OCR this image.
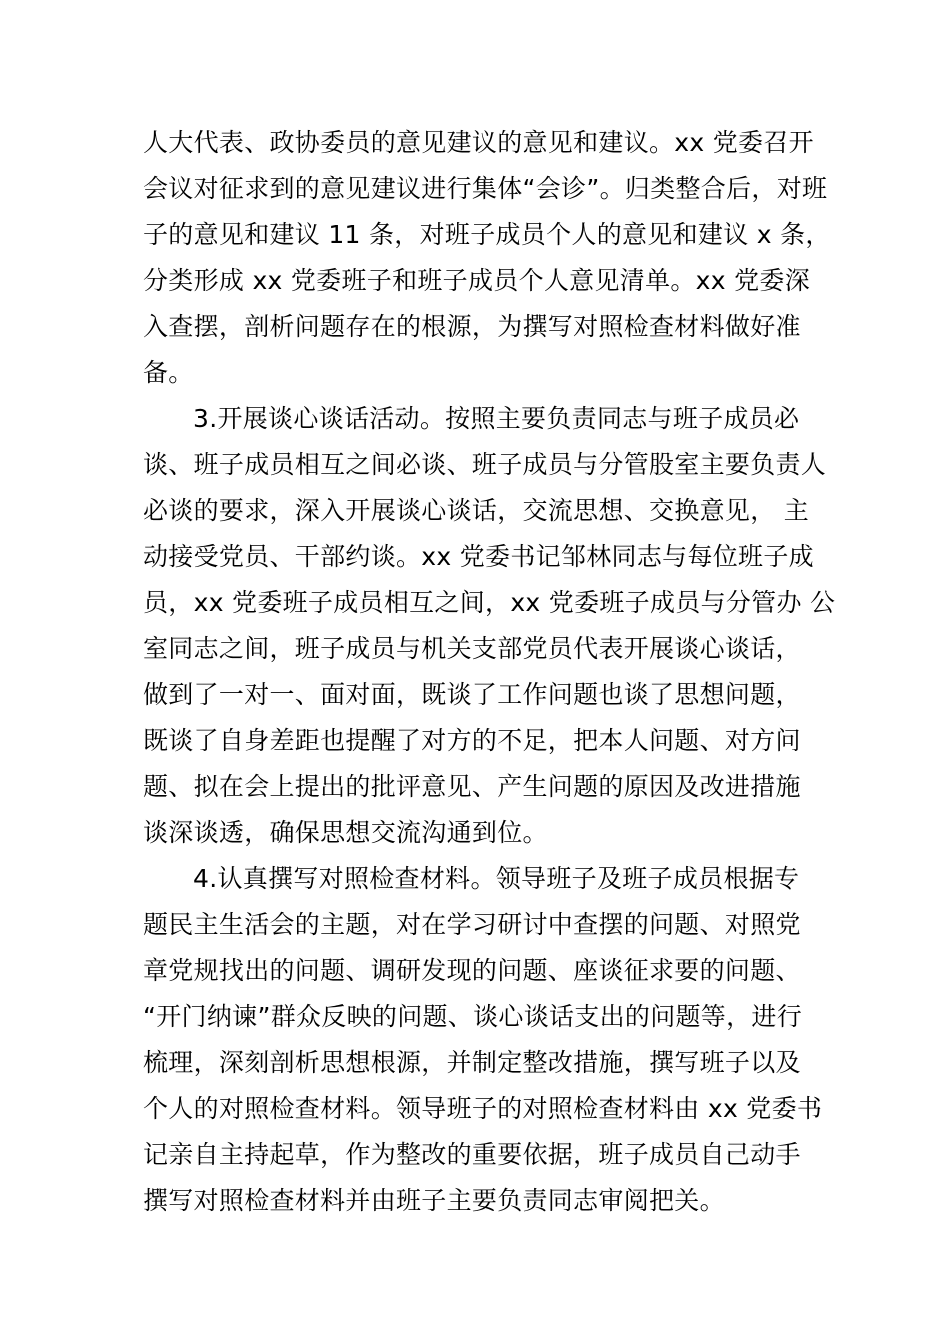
人大代表、政协委员的意见建议的意见和建议。xx 党委召开
会议对征求到的意见建议进行集体“会诊”。归类整合后，对班
子的意见和建议 11 条，对班子成员个人的意见和建议 x 条，
分类形成 xx 党委班子和班子成员个人意见清单。xx 党委深
入查摆，剖析问题存在的根源，为撰写对照检查材料做好准
备。
3.开展谈心谈话活动。按照主要负责同志与班子成员必
谈、班子成员相互之间必谈、班子成员与分管股室主要负责人
必谈的要求，深入开展谈心谈话，交流思想、交换意见， 主
动接受党员、干部约谈。xx 党委书记邹林同志与每位班子成
员，xx 党委班子成员相互之间，xx 党委班子成员与分管办 公
室同志之间，班子成员与机关支部党员代表开展谈心谈话，
做到了一对一、面对面，既谈了工作问题也谈了思想问题，
既谈了自身差距也提醒了对方的不足，把本人问题、对方问
题、拟在会上提出的批评意见、产生问题的原因及改进措施
谈深谈透，确保思想交流沟通到位。
4.认真撰写对照检查材料。领导班子及班子成员根据专
题民主生活会的主题，对在学习研讨中查摆的问题、对照党
章党规找出的问题、调研发现的问题、座谈征求要的问题、
“开门纳谏”群众反映的问题、谈心谈话支出的问题等，进行
梳理，深刻剖析思想根源，并制定整改措施，撰写班子以及
个人的对照检查材料。领导班子的对照检查材料由 xx 党委书
记亲自主持起草，作为整改的重要依据，班子成员自己动手
撰写对照检查材料并由班子主要负责同志审阅把关。
